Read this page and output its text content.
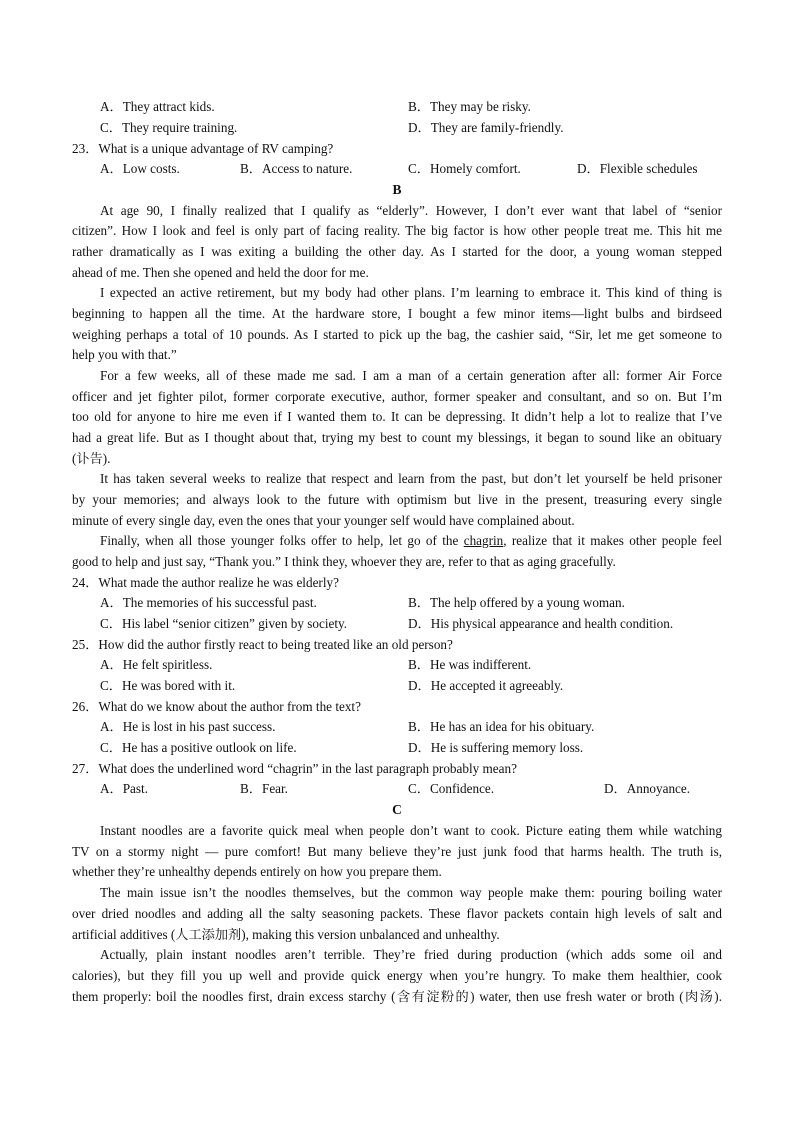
A．They attract kids.	B．They may be risky.
C．They require training.	D．They are family-friendly.
23．What is a unique advantage of RV camping?
A．Low costs.	B．Access to nature.	C．Homely comfort.	D．Flexible schedules
B
At age 90, I finally realized that I qualify as “elderly”. However, I don’t ever want that label of “senior
citizen”. How I look and feel is only part of facing reality. The big factor is how other people treat me. This hit me
rather dramatically as I was exiting a building the other day. As I started for the door, a young woman stepped
ahead of me. Then she opened and held the door for me.
I expected an active retirement, but my body had other plans. I’m learning to embrace it. This kind of thing is
beginning to happen all the time. At the hardware store, I bought a few minor items—light bulbs and birdseed
weighing perhaps a total of 10 pounds. As I started to pick up the bag, the cashier said, “Sir, let me get someone to
help you with that.”
For a few weeks, all of these made me sad. I am a man of a certain generation after all: former Air Force
officer and jet fighter pilot, former corporate executive, author, former speaker and consultant, and so on. But I’m
too old for anyone to hire me even if I wanted them to. It can be depressing. It didn’t help a lot to realize that I’ve
had a great life. But as I thought about that, trying my best to count my blessings, it began to sound like an obituary
(讣告).
It has taken several weeks to realize that respect and learn from the past, but don’t let yourself be held prisoner
by your memories; and always look to the future with optimism but live in the present, treasuring every single
minute of every single day, even the ones that your younger self would have complained about.
Finally, when all those younger folks offer to help, let go of the chagrin, realize that it makes other people feel
good to help and just say, “Thank you.” I think they, whoever they are, refer to that as aging gracefully.
24．What made the author realize he was elderly?
A．The memories of his successful past.	B．The help offered by a young woman.
C．His label “senior citizen” given by society.	D．His physical appearance and health condition.
25．How did the author firstly react to being treated like an old person?
A．He felt spiritless.	B．He was indifferent.
C．He was bored with it.	D．He accepted it agreeably.
26．What do we know about the author from the text?
A．He is lost in his past success.	B．He has an idea for his obituary.
C．He has a positive outlook on life.	D．He is suffering memory loss.
27．What does the underlined word “chagrin” in the last paragraph probably mean?
A．Past.	B．Fear.	C．Confidence.	D．Annoyance.
C
Instant noodles are a favorite quick meal when people don’t want to cook. Picture eating them while watching
TV on a stormy night — pure comfort! But many believe they’re just junk food that harms health. The truth is,
whether they’re unhealthy depends entirely on how you prepare them.
The main issue isn’t the noodles themselves, but the common way people make them: pouring boiling water
over dried noodles and adding all the salty seasoning packets. These flavor packets contain high levels of salt and
artificial additives (人工添加剂), making this version unbalanced and unhealthy.
Actually, plain instant noodles aren’t terrible. They’re fried during production (which adds some oil and
calories), but they fill you up well and provide quick energy when you’re hungry. To make them healthier, cook
them properly: boil the noodles first, drain excess starchy (含有淀粉的) water, then use fresh water or broth (肉汤).
